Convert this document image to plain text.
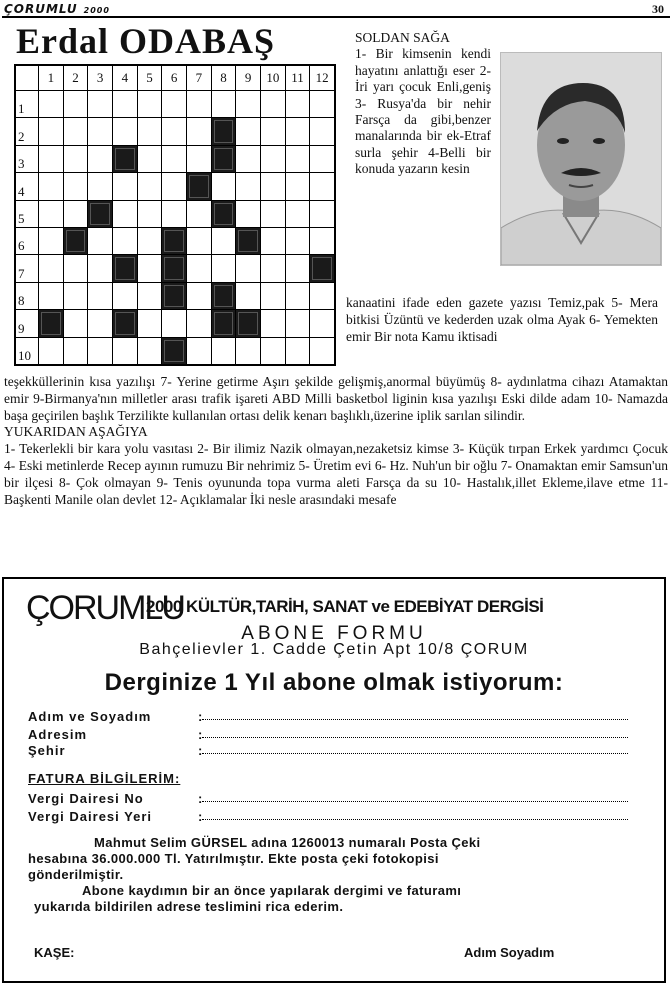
ÇORUMLU 2000	30
Erdal ODABAŞ
1	2	3	4	5	6	7	8	9	10 11 12
1
2
3
4
5
6
7
8
9
10
SOLDAN SAĞA
1- Bir kimsenin kendi hayatını anlattığı eser 2-İri yarı çocuk Enli,geniş 3- Rusya'da bir nehir Farsça da gibi,benzer manalarında bir ek-Etraf surla şehir 4-Belli bir konuda yazarın kesin
kanaatini ifade eden gazete yazısı Temiz,pak 5- Mera bitkisi Üzüntü ve kederden uzak olma Ayak 6- Yemekten emir Bir nota Kamu iktisadi

teşekküllerinin kısa yazılışı 7- Yerine getirme Aşırı şekilde gelişmiş,anormal büyümüş 8- aydınlatma cihazı Atamaktan emir 9-Birmanya'nın milletler arası trafik işareti ABD Milli basketbol liginin kısa yazılışı Eski dilde adam 10- Namazda başa geçirilen başlık Terzilikte kullanılan ortası delik kenarı başlıklı,üzerine iplik sarılan silindir.

YUKARIDAN AŞAĞIYA

1- Tekerlekli bir kara yolu vasıtası 2- Bir ilimiz Nazik olmayan,nezaketsiz kimse 3- Küçük tırpan Erkek yardımcı Çocuk 4- Eski metinlerde Recep ayının rumuzu Bir nehrimiz 5- Üretim evi 6- Hz. Nuh'un bir oğlu 7- Onamaktan emir Samsun'un bir ilçesi 8- Çok olmayan 9- Tenis oyununda topa vurma aleti Farsça da su 10- Hastalık,illet Ekleme,ilave etme 11- Başkenti Manile olan devlet 12- Açıklamalar İki nesle arasındaki mesafe

ÇORUMLU
2000 KÜLTÜR,TARİH, SANAT ve EDEBİYAT DERGİSİ
ABONE FORMU
Bahçelievler 1. Cadde Çetin Apt 10/8 ÇORUM
Derginize 1 Yıl abone olmak istiyorum:
Adım ve Soyadım	:
Adresim	:
Şehir	:
FATURA BİLGİLERİM:
Vergi Dairesi No	:
Vergi Dairesi Yeri	:

Mahmut Selim GÜRSEL adına 1260013 numaralı Posta Çeki

hesabına 36.000.000 Tl. Yatırılmıştır. Ekte posta çeki fotokopisi

gönderilmiştir.

Abone kaydımın bir an önce yapılarak dergimi ve faturamı

yukarıda bildirilen adrese teslimini rica ederim.

KAŞE:	Adım Soyadım
